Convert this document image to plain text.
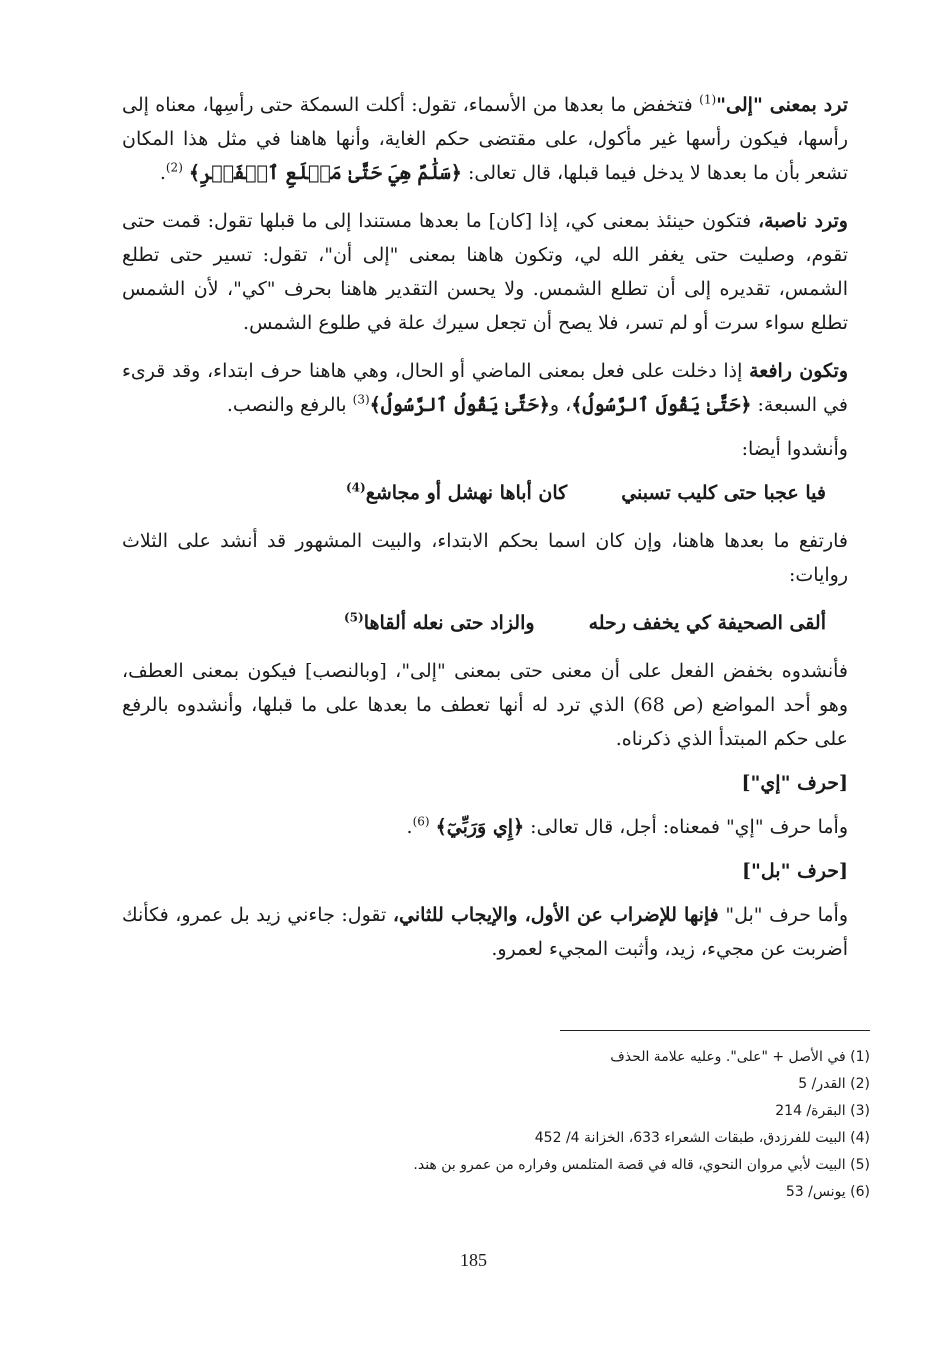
ترد بمعنى "إلى"$^{(1)}$ فتخفض ما بعدها من الأسماء، تقول: أكلت السمكة حتى رأسِها، معناه إلى رأسها، فيكون رأسها غير مأكول، على مقتضى حكم الغاية، وأنها هاهنا في مثل هذا المكان تشعر بأن ما بعدها لا يدخل فيما قبلها، قال تعالى: ﴿سَلَٰمٌ هِيَ حَتَّىٰ مَطۡلَعِ ٱلۡفَجۡرِ﴾ $^{(2)}$.

وترد ناصبة، فتكون حينئذ بمعنى كي، إذا [كان] ما بعدها مستندا إلى ما قبلها تقول: قمت حتى تقوم، وصليت حتى يغفر الله لي، وتكون هاهنا بمعنى "إلى أن"، تقول: تسير حتى تطلع الشمس، تقديره إلى أن تطلع الشمس. ولا يحسن التقدير هاهنا بحرف "كي"، لأن الشمس تطلع سواء سرت أو لم تسر، فلا يصح أن تجعل سيرك علة في طلوع الشمس.

وتكون رافعة إذا دخلت على فعل بمعنى الماضي أو الحال، وهي هاهنا حرف ابتداء، وقد قرىء في السبعة: ﴿حَتَّىٰ يَقُولَ ٱلرَّسُولُ﴾، و﴿حَتَّىٰ يَقُولُ ٱلرَّسُولُ﴾$^{(3)}$ بالرفع والنصب.

وأنشدوا أيضا:

فيا عجبا حتى كليب تسبني
كان أباها نهشل أو مجاشع$^{(4)}$

فارتفع ما بعدها هاهنا، وإن كان اسما بحكم الابتداء، والبيت المشهور قد أنشد على الثلاث روايات:

ألقى الصحيفة كي يخفف رحله
والزاد حتى نعله ألقاها$^{(5)}$

فأنشدوه بخفض الفعل على أن معنى حتى بمعنى "إلى"، [وبالنصب] فيكون بمعنى العطف، وهو أحد المواضع (ص 68) الذي ترد له أنها تعطف ما بعدها على ما قبلها، وأنشدوه بالرفع على حكم المبتدأ الذي ذكرناه.

[حرف "إي"]

وأما حرف "إي" فمعناه: أجل، قال تعالى: ﴿إِي وَرَبِّيٓ﴾ $^{(6)}$.

[حرف "بل"]

وأما حرف "بل" فإنها للإضراب عن الأول، والإيجاب للثاني، تقول: جاءني زيد بل عمرو، فكأنك أضربت عن مجيء، زيد، وأثبت المجيء لعمرو.

(1) في الأصل + "على". وعليه علامة الحذف
(2) القدر/ 5
(3) البقرة/ 214
(4) البيت للفرزدق، طبقات الشعراء 633، الخزانة 4/ 452
(5) البيت لأبي مروان النحوي، قاله في قصة المتلمس وفراره من عمرو بن هند.
(6) يونس/ 53
185
